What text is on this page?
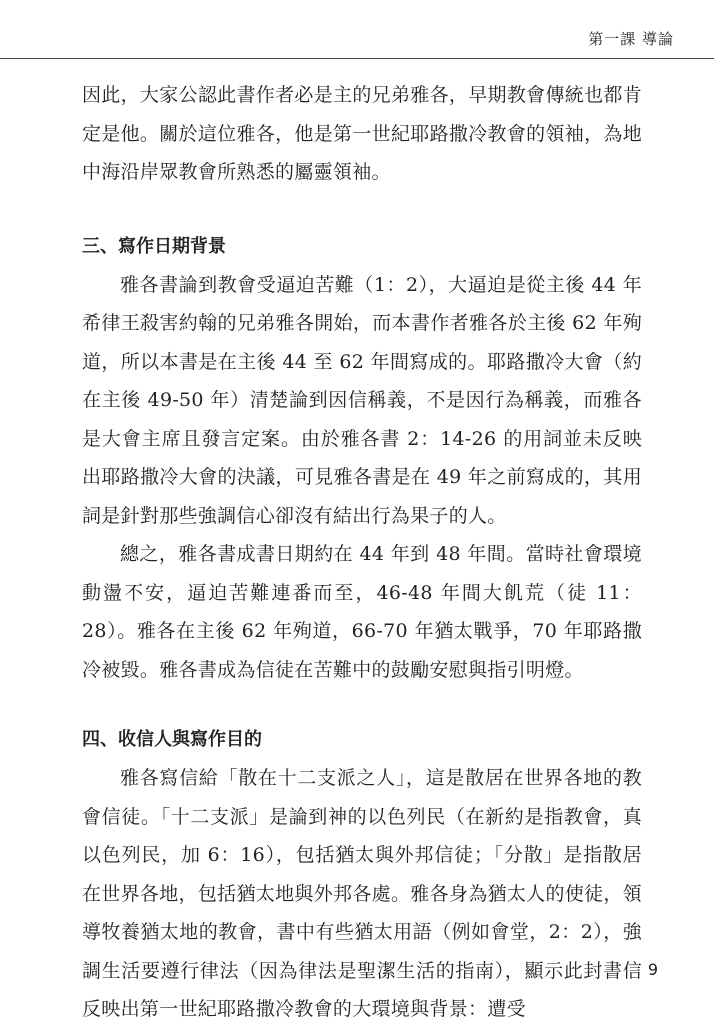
第一課 導論

因此，大家公認此書作者必是主的兄弟雅各，早期教會傳統也都肯定是他。關於這位雅各，他是第一世紀耶路撒冷教會的領袖，為地中海沿岸眾教會所熟悉的屬靈領袖。

三、寫作日期背景

雅各書論到教會受逼迫苦難（1：2），大逼迫是從主後 44 年希律王殺害約翰的兄弟雅各開始，而本書作者雅各於主後 62 年殉道，所以本書是在主後 44 至 62 年間寫成的。耶路撒冷大會（約在主後 49-50 年）清楚論到因信稱義，不是因行為稱義，而雅各是大會主席且發言定案。由於雅各書 2：14-26 的用詞並未反映出耶路撒冷大會的決議，可見雅各書是在 49 年之前寫成的，其用詞是針對那些強調信心卻沒有結出行為果子的人。

總之，雅各書成書日期約在 44 年到 48 年間。當時社會環境動盪不安，逼迫苦難連番而至，46-48 年間大飢荒（徒 11：28）。雅各在主後 62 年殉道，66-70 年猶太戰爭，70 年耶路撒冷被毀。雅各書成為信徒在苦難中的鼓勵安慰與指引明燈。

四、收信人與寫作目的

雅各寫信給「散在十二支派之人」，這是散居在世界各地的教會信徒。「十二支派」是論到神的以色列民（在新約是指教會，真以色列民，加 6：16），包括猶太與外邦信徒；「分散」是指散居在世界各地，包括猶太地與外邦各處。雅各身為猶太人的使徒，領導牧養猶太地的教會，書中有些猶太用語（例如會堂，2：2），強調生活要遵行律法（因為律法是聖潔生活的指南），顯示此封書信反映出第一世紀耶路撒冷教會的大環境與背景：遭受

9
